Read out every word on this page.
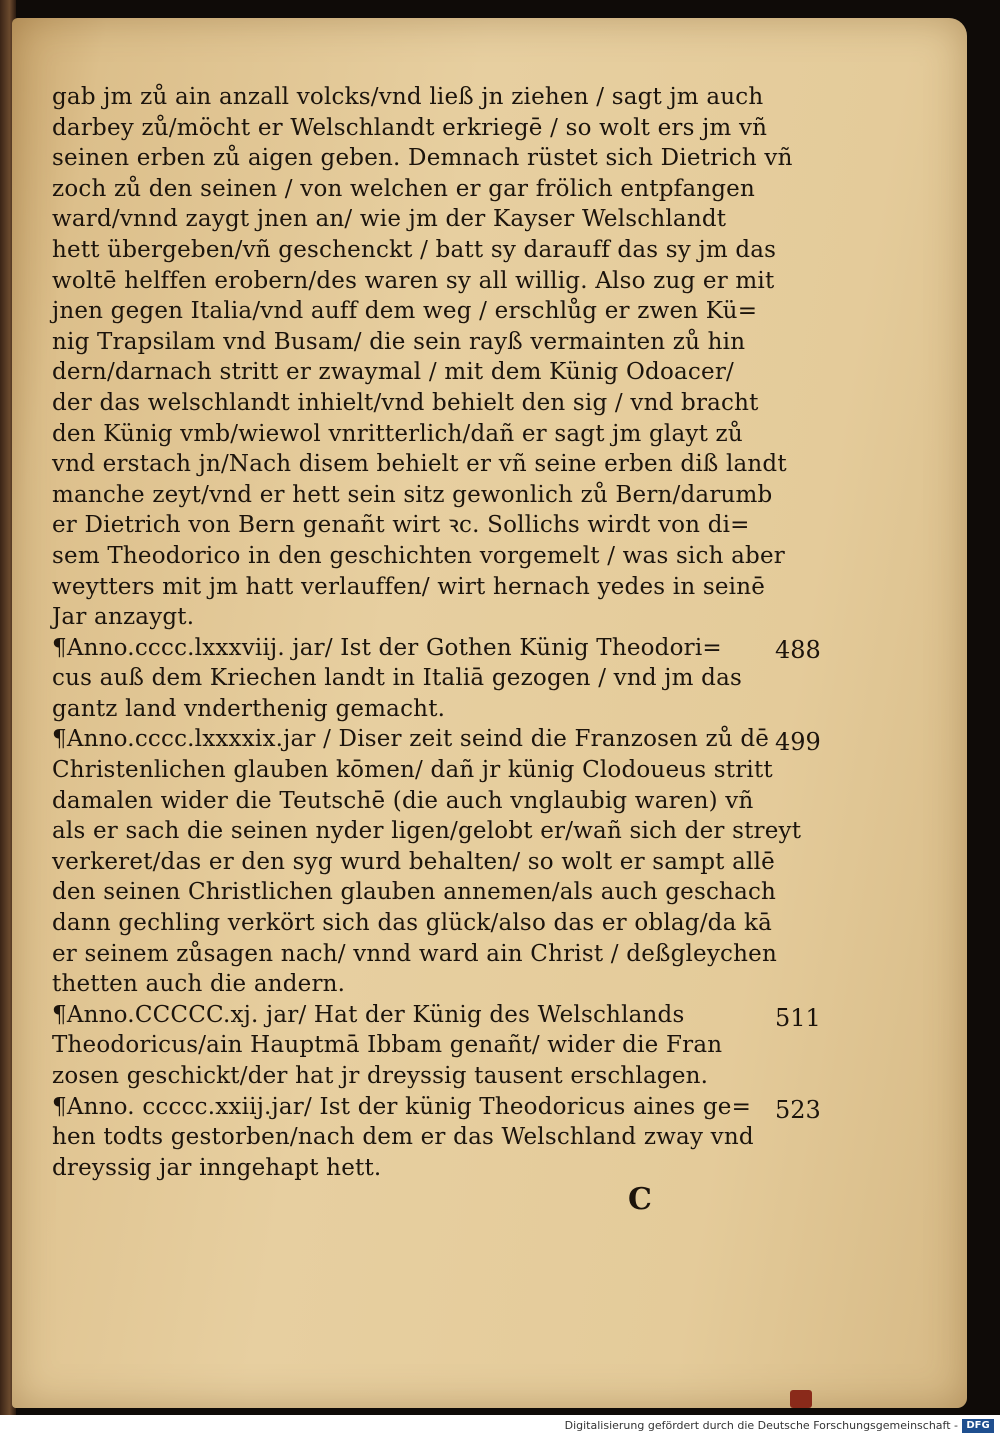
gab jm zů ain anzall volcks/vnd ließ jn ziehen / sagt jm auch
darbey zů/möcht er Welschlandt erkriegē / so wolt ers jm vñ
seinen erben zů aigen geben. Demnach rüstet sich Dietrich vñ
zoch zů den seinen / von welchen er gar frölich entpfangen
ward/vnnd zaygt jnen an/ wie jm der Kayser Welschlandt
hett übergeben/vñ geschenckt / batt sy darauff das sy jm das
woltē helffen erobern/des waren sy all willig. Also zug er mit
jnen gegen Italia/vnd auff dem weg / erschlůg er zwen Kü=
nig Trapsilam vnd Busam/ die sein rayß vermainten zů hin
dern/darnach stritt er zwaymal / mit dem Künig Odoacer/
der das welschlandt inhielt/vnd behielt den sig / vnd bracht
den Künig vmb/wiewol vnritterlich/dañ er sagt jm glayt zů
vnd erstach jn/Nach disem behielt er vñ seine erben diß landt
manche zeyt/vnd er hett sein sitz gewonlich zů Bern/darumb
er Dietrich von Bern genañt wirt ꝛc. Sollichs wirdt von di=
sem Theodorico in den geschichten vorgemelt / was sich aber
weytters mit jm hatt verlauffen/ wirt hernach yedes in seinē
Jar anzaygt.
¶Anno.cccc.lxxxviij. jar/ Ist der Gothen Künig Theodori=
cus auß dem Kriechen landt in Italiā gezogen / vnd jm das
gantz land vnderthenig gemacht.
¶Anno.cccc.lxxxxix.jar / Diser zeit seind die Franzosen zů dē
Christenlichen glauben kōmen/ dañ jr künig Clodoueus stritt
damalen wider die Teutschē (die auch vnglaubig waren) vñ
als er sach die seinen nyder ligen/gelobt er/wañ sich der streyt
verkeret/das er den syg wurd behalten/ so wolt er sampt allē
den seinen Christlichen glauben annemen/als auch geschach
dann gechling verkört sich das glück/also das er oblag/da kā
er seinem zůsagen nach/ vnnd ward ain Christ / deßgleychen
thetten auch die andern.
¶Anno.CCCCC.xj. jar/ Hat der Künig des Welschlands
Theodoricus/ain Hauptmā Ibbam genañt/ wider die Fran
zosen geschickt/der hat jr dreyssig tausent erschlagen.
¶Anno. ccccc.xxiij.jar/ Ist der künig Theodoricus aines ge=
hen todts gestorben/nach dem er das Welschland zway vnd
dreyssig jar inngehapt hett.
488
499
511
523
C
Digitalisierung gefördert durch die Deutsche Forschungsgemeinschaft - DFG
